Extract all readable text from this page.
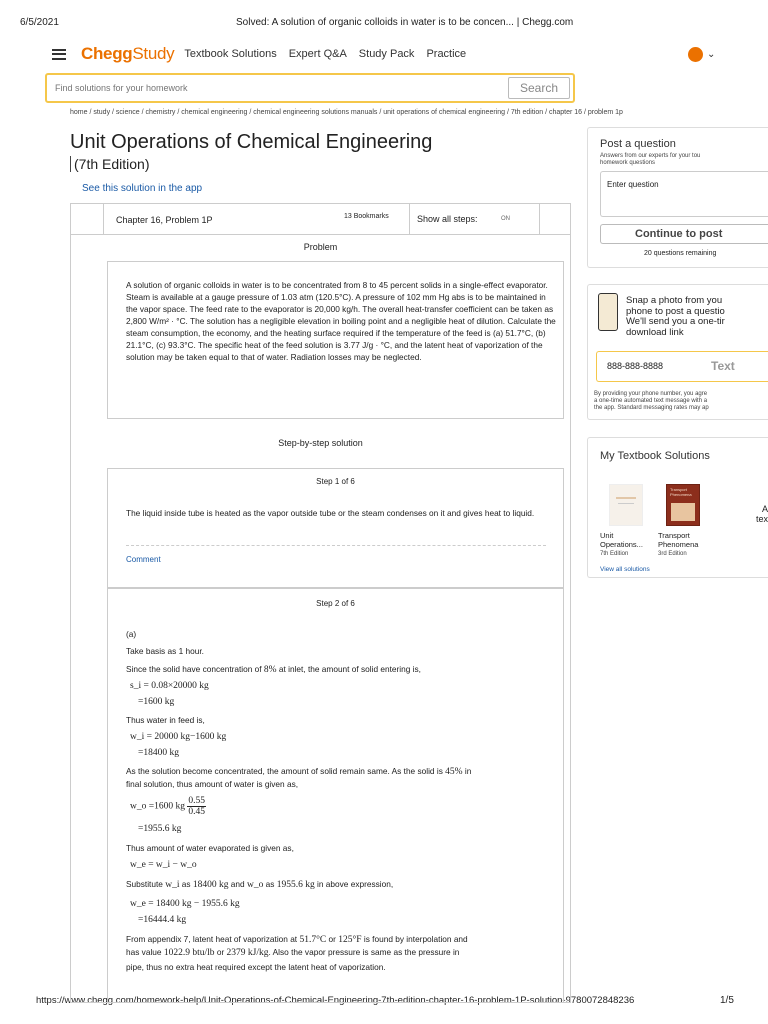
6/5/2021	Solved: A solution of organic colloids in water is to be concen... | Chegg.com
https://www.chegg.com/homework-help/Unit-Operations-of-Chemical-Engineering-7th-edition-chapter-16-problem-1P-solution-9780072848236	1/5
CheggStudy Textbook Solutions Expert Q&A Study Pack Practice	⌄
Find solutions for your homework
Search
home / study / science / chemistry / chemical engineering / chemical engineering solutions manuals / unit operations of chemical engineering / 7th edition / chapter 16 / problem 1p
Unit Operations of Chemical Engineering
(7th Edition)
See this solution in the app
Chapter 16, Problem 1P	13 Bookmarks	Show all steps:	ON
Problem
A solution of organic colloids in water is to be concentrated from 8 to 45 percent solids in a single-effect evaporator. Steam is available at a gauge pressure of 1.03 atm (120.5°C). A pressure of 102 mm Hg abs is to be maintained in the vapor space. The feed rate to the evaporator is 20,000 kg/h. The overall heat-transfer coefficient can be taken as 2,800 W/m² · °C. The solution has a negligible elevation in boiling point and a negligible heat of dilution. Calculate the steam consumption, the economy, and the heating surface required if the temperature of the feed is (a) 51.7°C, (b) 21.1°C, (c) 93.3°C. The specific heat of the feed solution is 3.77 J/g · °C, and the latent heat of vaporization of the solution may be taken equal to that of water. Radiation losses may be neglected.
Step-by-step solution
Step 1 of 6
The liquid inside tube is heated as the vapor outside tube or the steam condenses on it and gives heat to liquid.
Comment
Step 2 of 6
(a)
Take basis as 1 hour.
Since the solid have concentration of 8% at inlet, the amount of solid entering is,
s_i = 0.08×20000 kg
=1600 kg
Thus water in feed is,
w_i = 20000 kg−1600 kg
=18400 kg
As the solution become concentrated, the amount of solid remain same. As the solid is 45% in
final solution, thus amount of water is given as,
w_o =1600 kg $\frac{0.55}{0.45}$
=1955.6 kg
Thus amount of water evaporated is given as,
w_e = w_i − w_o
Substitute w_i as 18400 kg and w_o as 1955.6 kg in above expression,
w_e = 18400 kg − 1955.6 kg
=16444.4 kg
From appendix 7, latent heat of vaporization at 51.7°C or 125°F is found by interpolation and
has value 1022.9 btu/lb or 2379 kJ/kg. Also the vapor pressure is same as the pressure in
pipe, thus no extra heat required except the latent heat of vaporization.
Post a question
Answers from our experts for your tou
homework questions
Enter question
Continue to post
20 questions remaining
Snap a photo from you
phone to post a questio
We'll send you a one-tir
download link
888-888-8888	Text
By providing your phone number, you agre
a one-time automated text message with a
the app. Standard messaging rates may ap
My Textbook Solutions
Transport Phenomena
Unit
Operations...
7th Edition
Transport
Phenomena
3rd Edition
A
tex
View all solutions
